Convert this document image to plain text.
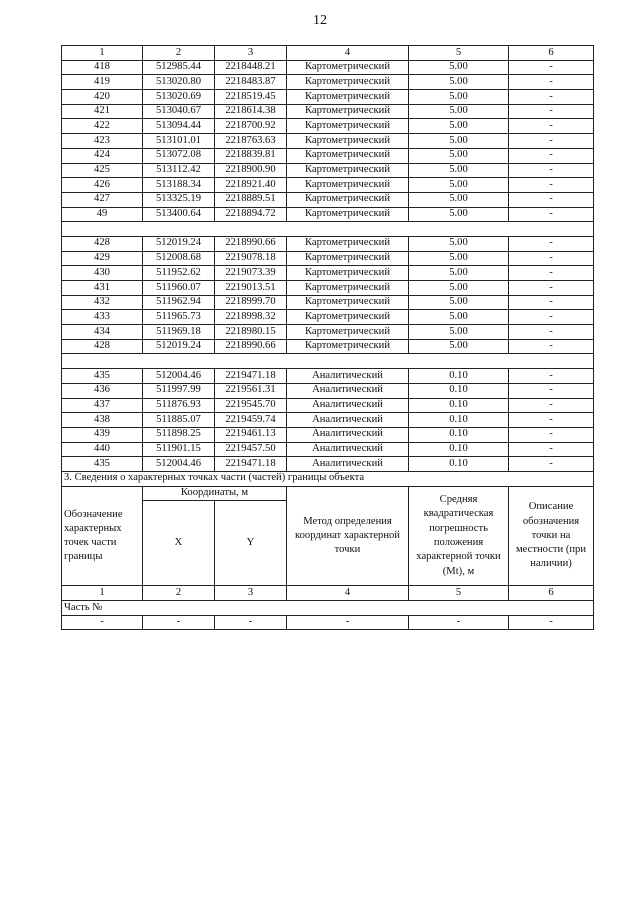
12
1	2	3	4	5	6
418	512985.44	2218448.21	Картометрический	5.00	-
419	513020.80	2218483.87	Картометрический	5.00	-
420	513020.69	2218519.45	Картометрический	5.00	-
421	513040.67	2218614.38	Картометрический	5.00	-
422	513094.44	2218700.92	Картометрический	5.00	-
423	513101.01	2218763.63	Картометрический	5.00	-
424	513072.08	2218839.81	Картометрический	5.00	-
425	513112.42	2218900.90	Картометрический	5.00	-
426	513188.34	2218921.40	Картометрический	5.00	-
427	513325.19	2218889.51	Картометрический	5.00	-
49	513400.64	2218894.72	Картометрический	5.00	-

428	512019.24	2218990.66	Картометрический	5.00	-
429	512008.68	2219078.18	Картометрический	5.00	-
430	511952.62	2219073.39	Картометрический	5.00	-
431	511960.07	2219013.51	Картометрический	5.00	-
432	511962.94	2218999.70	Картометрический	5.00	-
433	511965.73	2218998.32	Картометрический	5.00	-
434	511969.18	2218980.15	Картометрический	5.00	-
428	512019.24	2218990.66	Картометрический	5.00	-

435	512004.46	2219471.18	Аналитический	0.10	-
436	511997.99	2219561.31	Аналитический	0.10	-
437	511876.93	2219545.70	Аналитический	0.10	-
438	511885.07	2219459.74	Аналитический	0.10	-
439	511898.25	2219461.13	Аналитический	0.10	-
440	511901.15	2219457.50	Аналитический	0.10	-
435	512004.46	2219471.18	Аналитический	0.10	-
3. Сведения о характерных точках части (частей) границы объекта					

Обозначение
характерных
точек части
границы	Координаты, м		Метод определения координат характерной точки	Средняя квадратическая погрешность положения характерной точки (Mt), м	Описание обозначения точки на местности (при наличии)
	X	Y			
1	2	3	4	5	6
Часть №					
-	-	-	-	-	-
